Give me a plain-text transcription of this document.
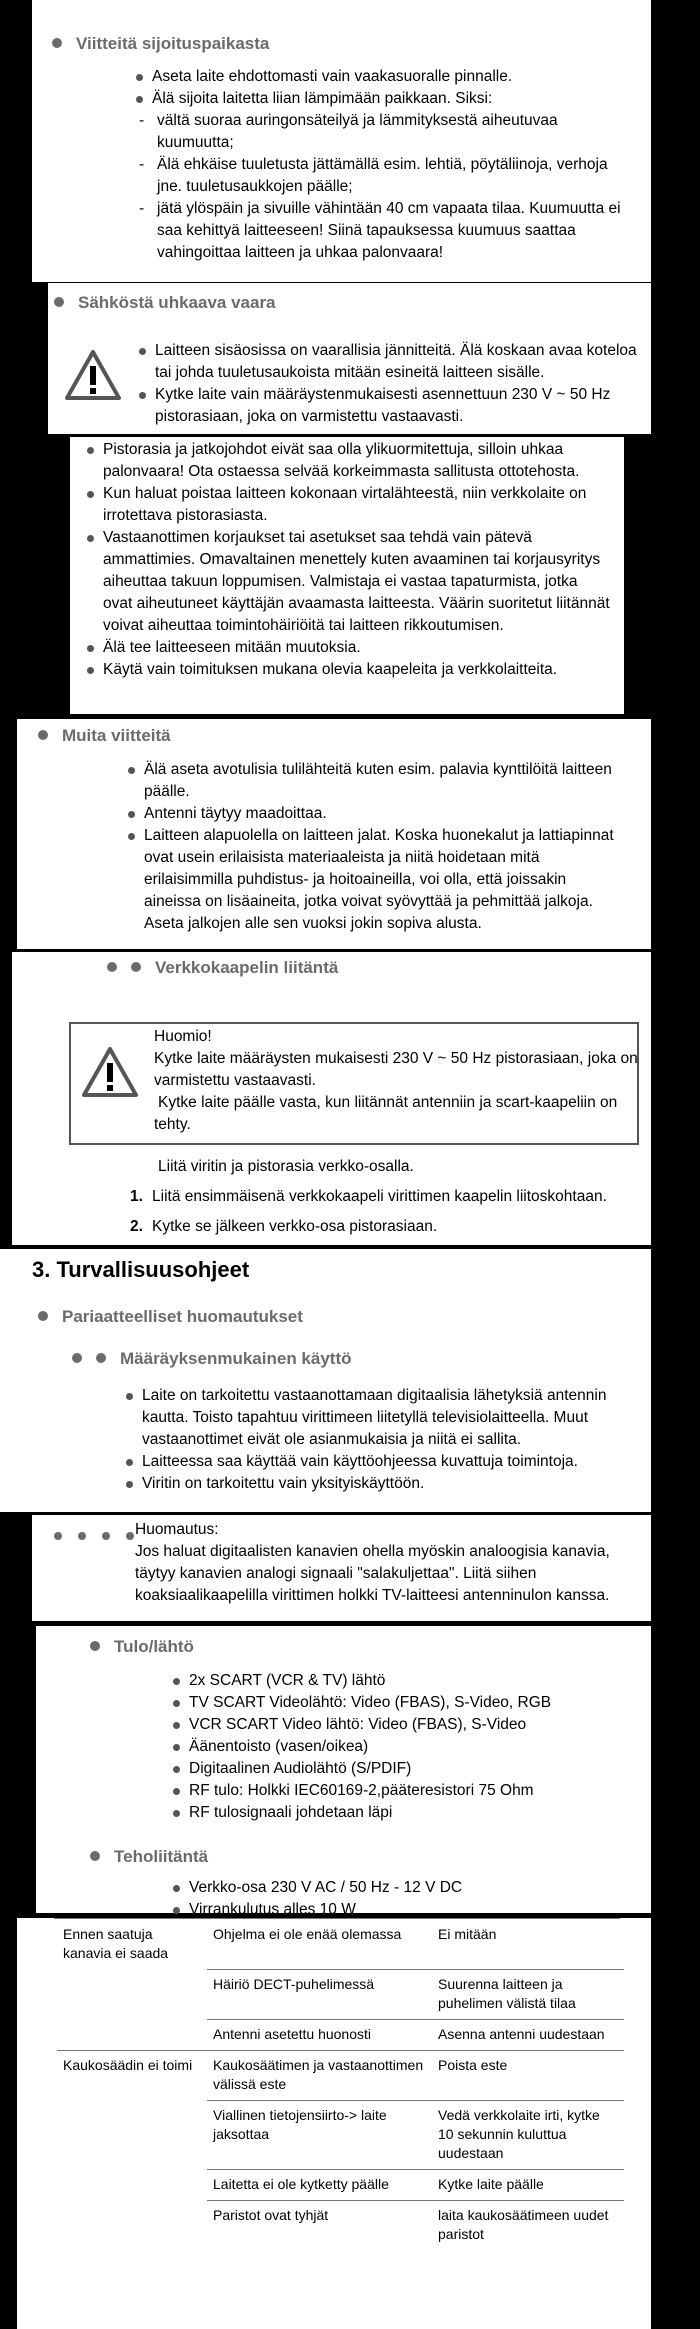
Viitteitä sijoituspaikasta
Aseta laite ehdottomasti vain vaakasuoralle pinnalle.
Älä sijoita laitetta liian lämpimään paikkaan. Siksi:
- vältä suoraa auringonsäteilyä ja lämmityksestä aiheutuvaa kuumuutta;
- Älä ehkäise tuuletusta jättämällä esim. lehtiä, pöytäliinoja, verhoja jne. tuuletusaukkojen päälle;
- jätä ylöspäin ja sivuille vähintään 40 cm vapaata tilaa. Kuumuutta ei saa kehittyä laitteeseen! Siinä tapauksessa kuumuus saattaa vahingoittaa laitteen ja uhkaa palonvaara!
Sähköstä uhkaava vaara
Laitteen sisäosissa on vaarallisia jännitteitä. Älä koskaan avaa koteloa tai johda tuuletusaukoista mitään esineitä laitteen sisälle.
Kytke laite vain määräystenmukaisesti asennettuun 230 V ~ 50 Hz pistorasiaan, joka on varmistettu vastaavasti.
Pistorasia ja jatkojohdot eivät saa olla ylikuormitettuja, silloin uhkaa palonvaara! Ota ostaessa selvää korkeimmasta sallitusta ottotehosta.
Kun haluat poistaa laitteen kokonaan virtalähteestä, niin verkkolaite on irrotettava pistorasiasta.
Vastaanottimen korjaukset tai asetukset saa tehdä vain pätevä ammattimies. Omavaltainen menettely kuten avaaminen tai korjausyritys aiheuttaa takuun loppumisen. Valmistaja ei vastaa tapaturmista, jotka ovat aiheutuneet käyttäjän avaamasta laitteesta. Väärin suoritetut liitännät voivat aiheuttaa toimintohäiriöitä tai laitteen rikkoutumisen.
Älä tee laitteeseen mitään muutoksia.
Käytä vain toimituksen mukana olevia kaapeleita ja verkkolaitteita.
Muita viitteitä
Älä aseta avotulisia tulilähteitä kuten esim. palavia kynttilöitä laitteen päälle.
Antenni täytyy maadoittaa.
Laitteen alapuolella on laitteen jalat. Koska huonekalut ja lattiapinnat ovat usein erilaisista materiaaleista ja niitä hoidetaan mitä erilaisimmilla puhdistus- ja hoitoaineilla, voi olla, että joissakin aineissa on lisäaineita, jotka voivat syövyttää ja pehmittää jalkoja. Aseta jalkojen alle sen vuoksi jokin sopiva alusta.
Verkkokaapelin liitäntä
Huomio!
Kytke laite määräysten mukaisesti 230 V ~ 50 Hz pistorasiaan, joka on varmistettu vastaavasti.
Kytke laite päälle vasta, kun liitännät antenniin ja scart-kaapeliin on tehty.
Liitä viritin ja pistorasia verkko-osalla.
1. Liitä ensimmäisenä verkkokaapeli virittimen kaapelin liitoskohtaan.
2. Kytke se jälkeen verkko-osa pistorasiaan.
3. Turvallisuusohjeet
Pariaatteelliset huomautukset
Määräyksenmukainen käyttö
Laite on tarkoitettu vastaanottamaan digitaalisia lähetyksiä antennin kautta. Toisto tapahtuu virittimeen liitetyllä televisiolaitteella. Muut vastaanottimet eivät ole asianmukaisia ja niitä ei sallita.
Laitteessa saa käyttää vain käyttöohjeessa kuvattuja toimintoja.
Viritin on tarkoitettu vain yksityiskäyttöön.
Huomautus:
Jos haluat digitaalisten kanavien ohella myöskin analoogisia kanavia, täytyy kanavien analogi signaali "salakuljettaa". Liitä siihen koaksiaalikaapelilla virittimen holkki TV-laitteesi antenninulon kanssa.
Tulo/lähtö
2x SCART (VCR & TV) lähtö
TV SCART Videolähtö: Video (FBAS), S-Video, RGB
VCR SCART Video lähtö: Video (FBAS), S-Video
Äänentoisto (vasen/oikea)
Digitaalinen Audiolähtö (S/PDIF)
RF tulo: Holkki IEC60169-2,pääteresistori 75 Ohm
RF tulosignaali johdetaan läpi
Teholiitäntä
Verkko-osa 230 V AC / 50 Hz - 12 V DC
Virrankulutus alles 10 W
Ennen saatuja kanavia ei saada	Ohjelma ei ole enää olemassa	Ei mitään
	Häiriö DECT-puhelimessä	Suurenna laitteen ja puhelimen välistä tilaa
	Antenni asetettu huonosti	Asenna antenni uudestaan
Kaukosäädin ei toimi	Kaukosäätimen ja vastaanottimen välissä este	Poista este
	Viallinen tietojensiirto-> laite jaksottaa	Vedä verkkolaite irti, kytke 10 sekunnin kuluttua uudestaan
	Laitetta ei ole kytketty päälle	Kytke laite päälle
	Paristot ovat tyhjät	laita kaukosäätimeen uudet paristot
